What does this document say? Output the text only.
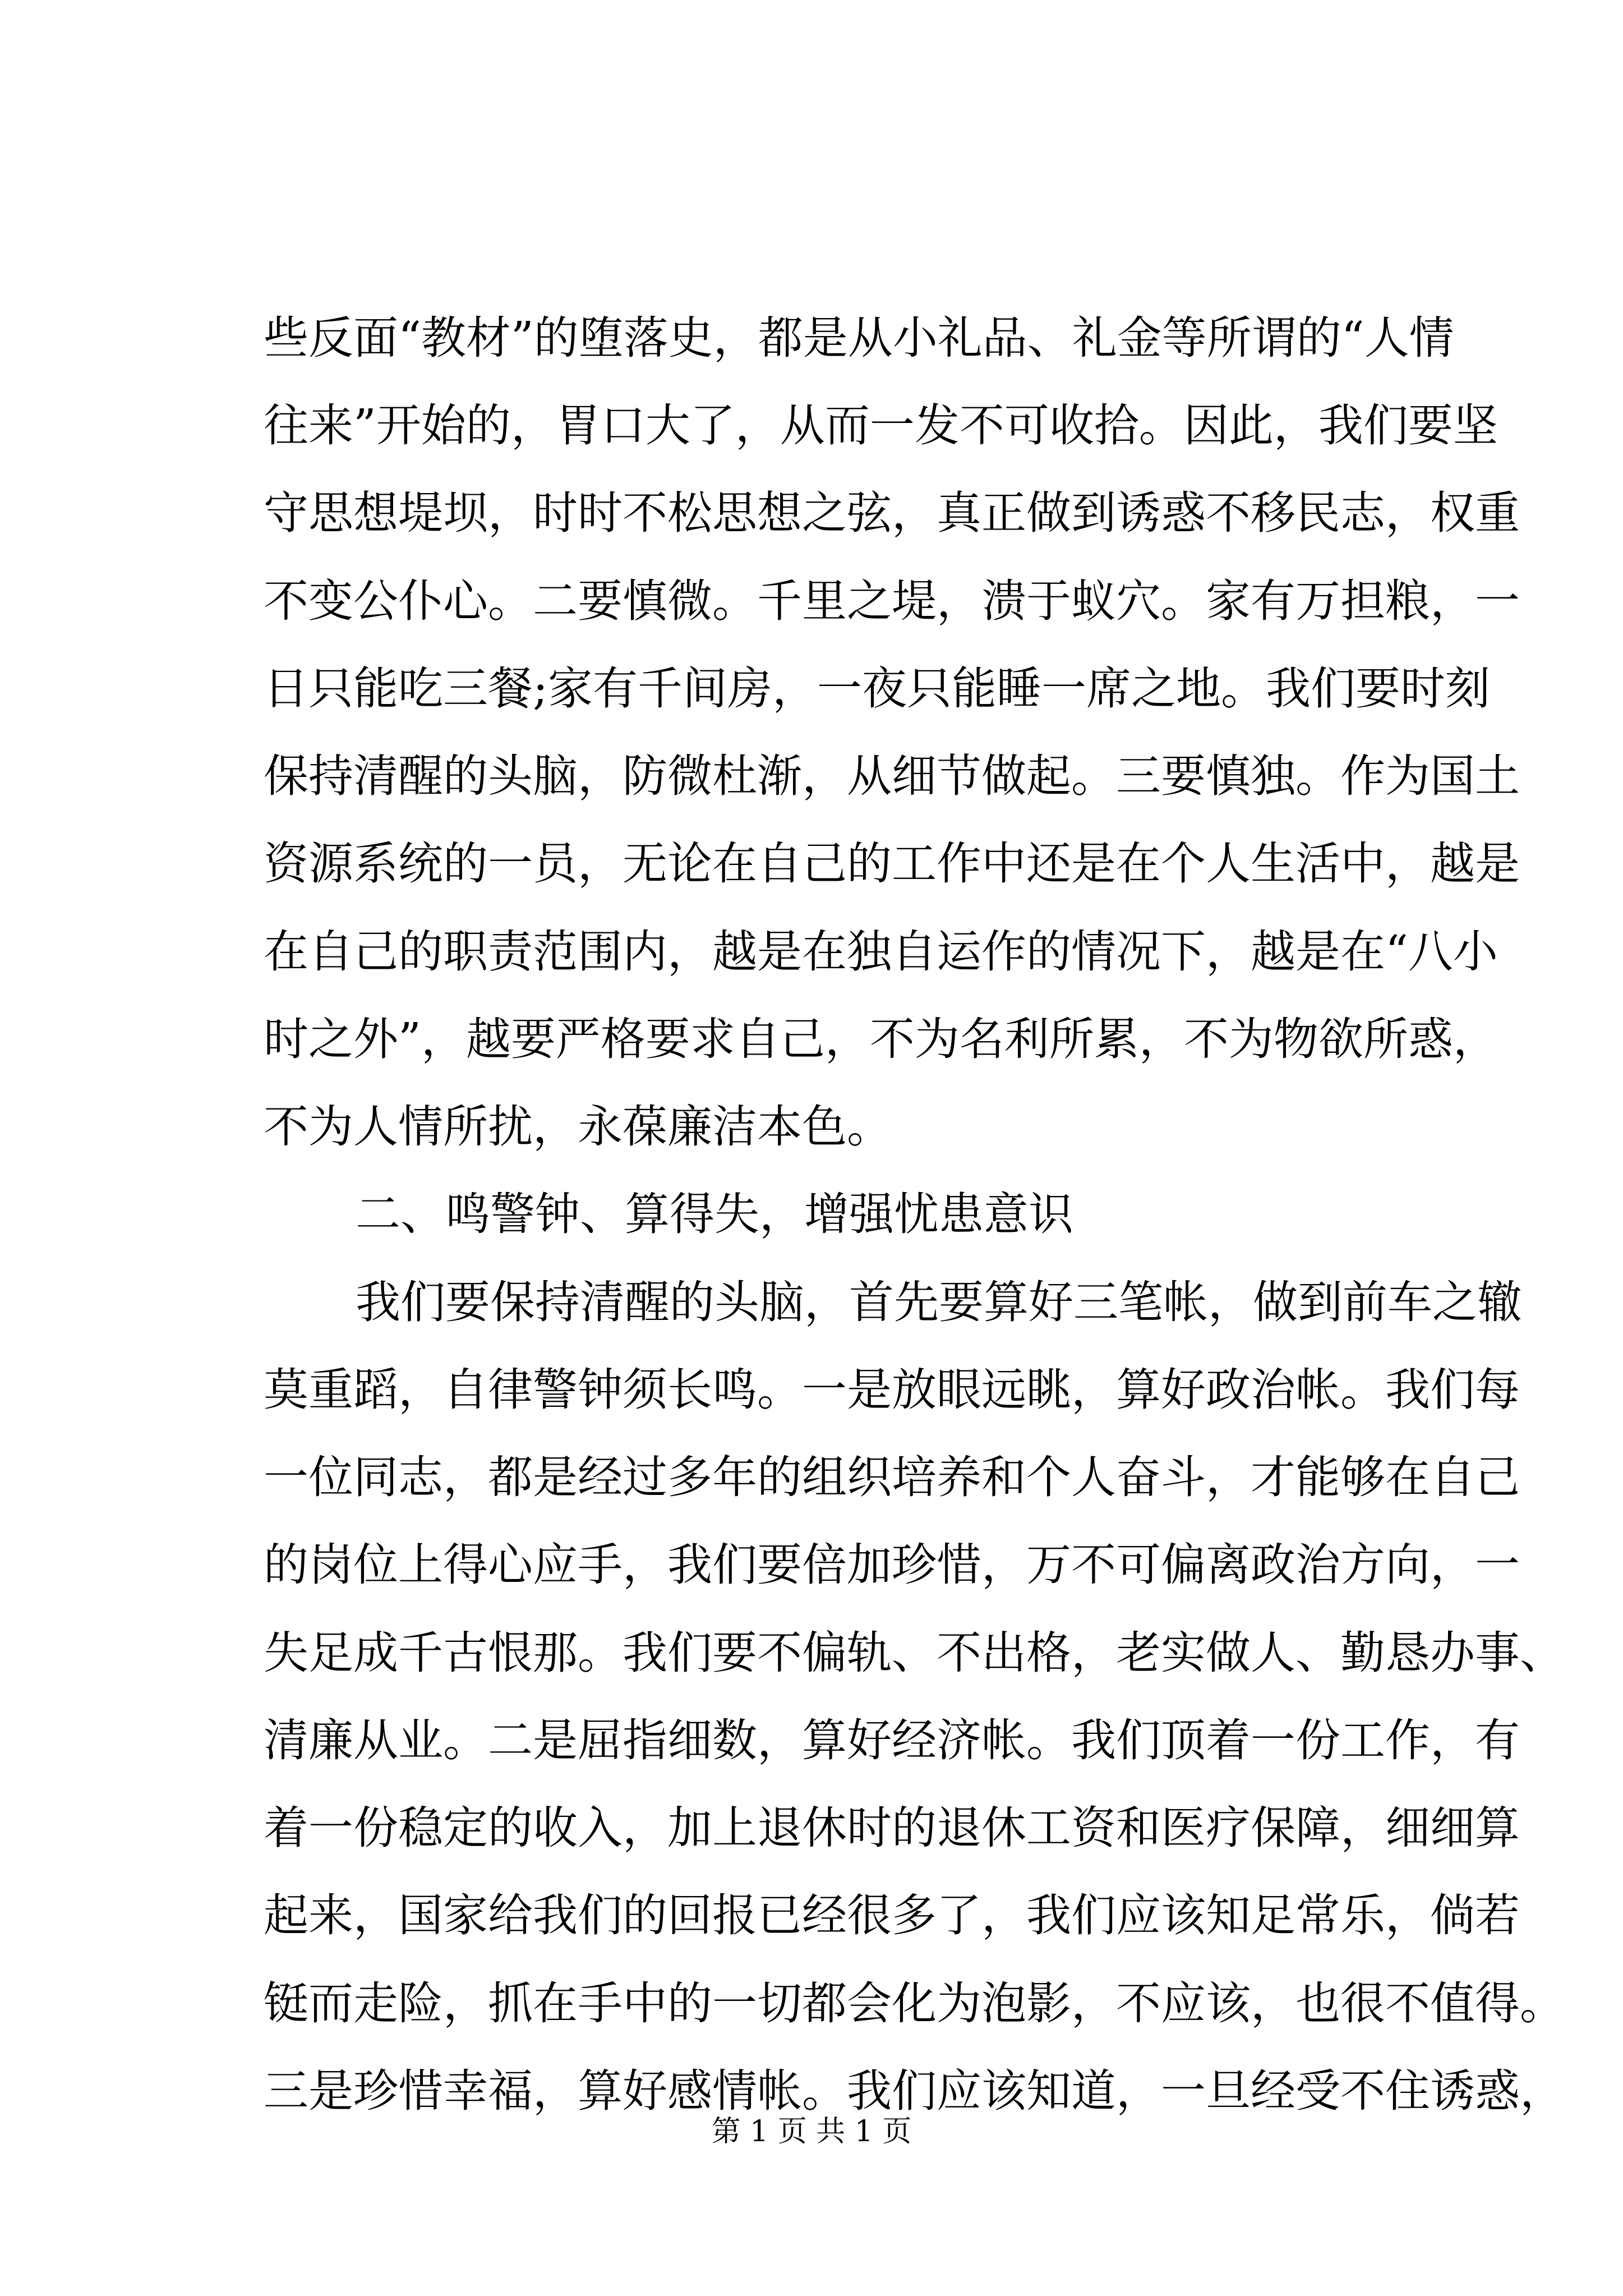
些反面“教材”的堕落史，都是从小礼品、礼金等所谓的“人情
往来”开始的，胃口大了，从而一发不可收拾。因此，我们要坚
守思想堤坝，时时不松思想之弦，真正做到诱惑不移民志，权重
不变公仆心。二要慎微。千里之堤，溃于蚁穴。家有万担粮，一
日只能吃三餐;家有千间房，一夜只能睡一席之地。我们要时刻
保持清醒的头脑，防微杜渐，从细节做起。三要慎独。作为国土
资源系统的一员，无论在自己的工作中还是在个人生活中，越是
在自己的职责范围内，越是在独自运作的情况下，越是在“八小
时之外”，越要严格要求自己，不为名利所累，不为物欲所惑，
不为人情所扰，永葆廉洁本色。
二、鸣警钟、算得失，增强忧患意识
我们要保持清醒的头脑，首先要算好三笔帐，做到前车之辙
莫重蹈，自律警钟须长鸣。一是放眼远眺，算好政治帐。我们每
一位同志，都是经过多年的组织培养和个人奋斗，才能够在自己
的岗位上得心应手，我们要倍加珍惜，万不可偏离政治方向，一
失足成千古恨那。我们要不偏轨、不出格，老实做人、勤恳办事、
清廉从业。二是屈指细数，算好经济帐。我们顶着一份工作，有
着一份稳定的收入，加上退休时的退休工资和医疗保障，细细算
起来，国家给我们的回报已经很多了，我们应该知足常乐，倘若
铤而走险，抓在手中的一切都会化为泡影，不应该，也很不值得。
三是珍惜幸福，算好感情帐。我们应该知道，一旦经受不住诱惑，
第 1 页 共 1 页
